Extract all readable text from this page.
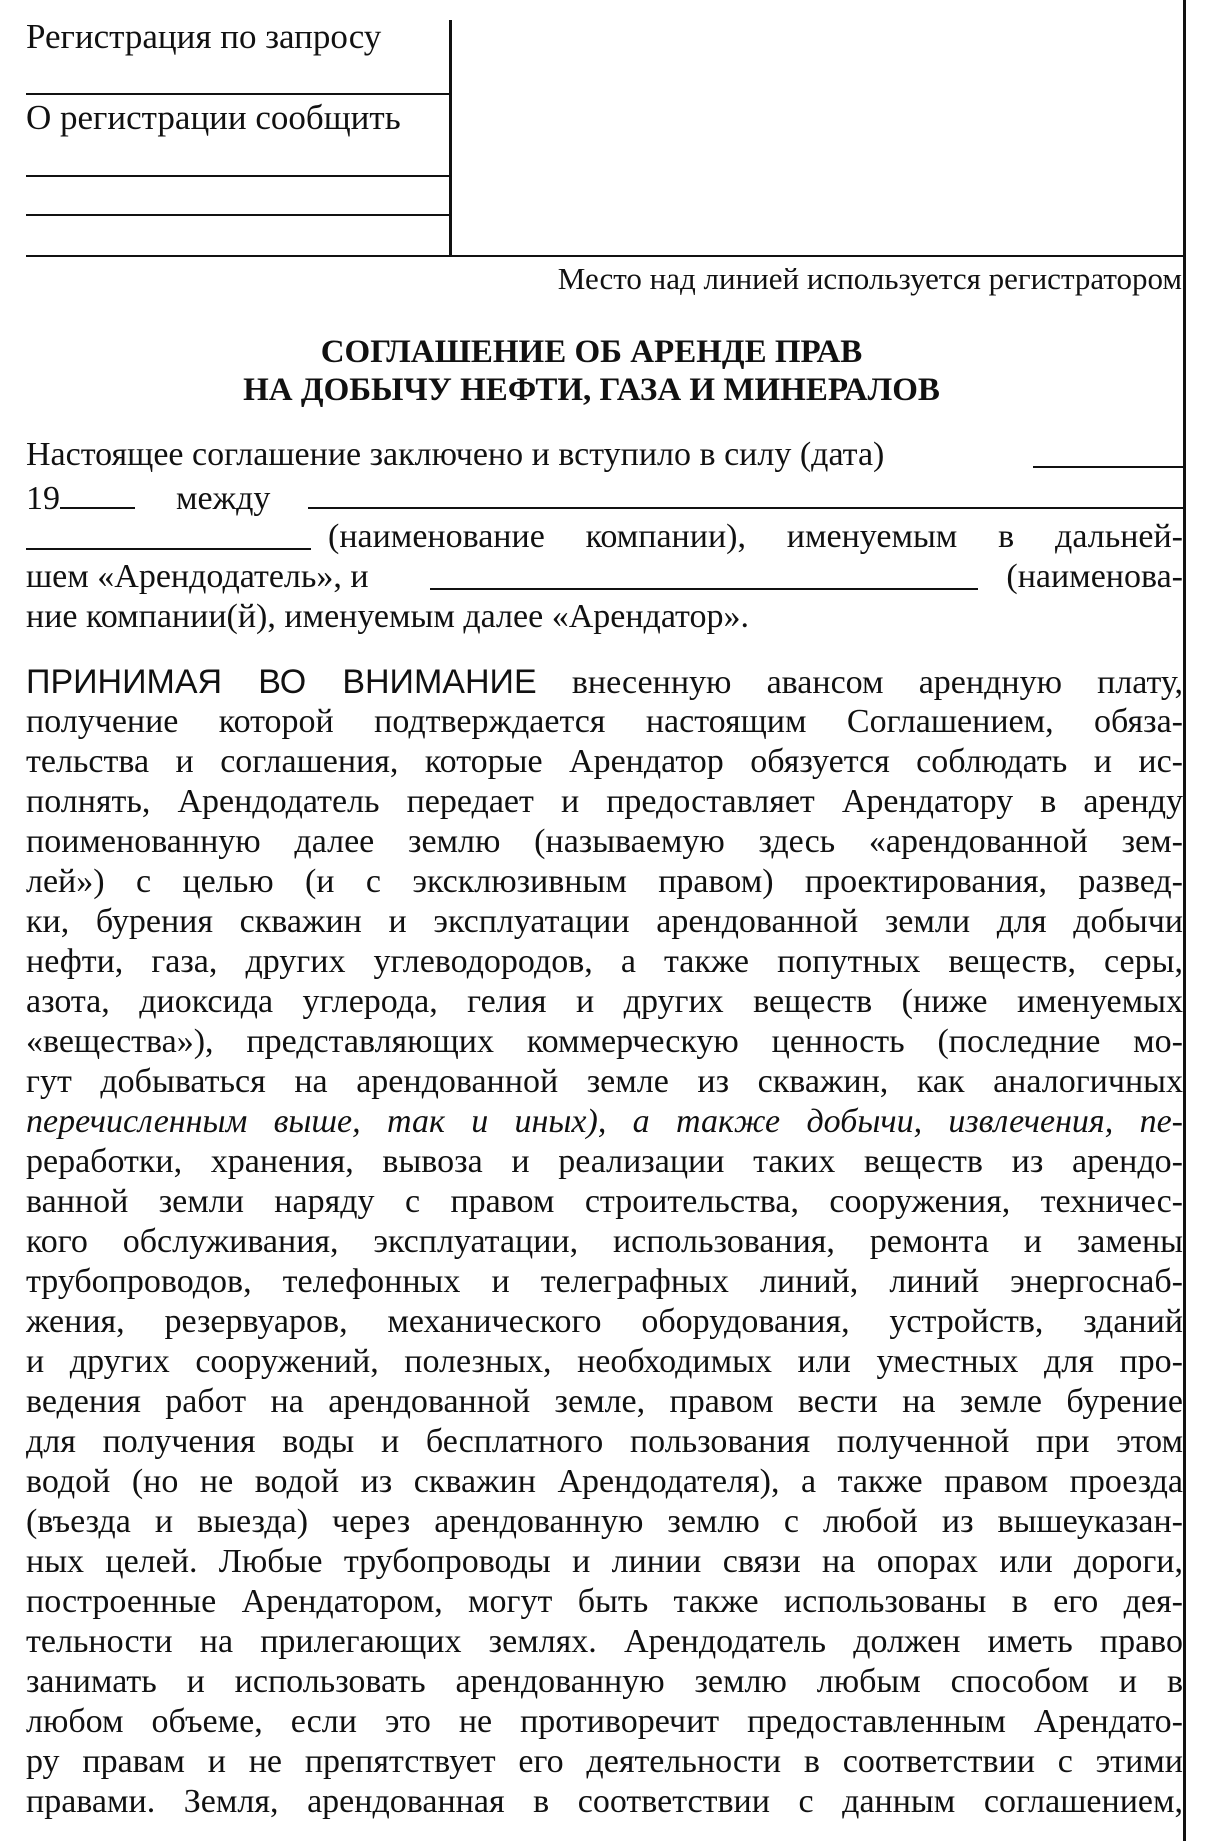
Регистрация по запросу
О регистрации сообщить
Место над линией используется регистратором
СОГЛАШЕНИЕ ОБ АРЕНДЕ ПРАВ
НА ДОБЫЧУ НЕФТИ, ГАЗА И МИНЕРАЛОВ
Настоящее соглашение заключено и вступило в силу (дата)
19	между
(наименование компании), именуемым в дальней-
шем «Арендодатель», и	(наименова-
ние компании(й), именуемым далее «Арендатор».
ПРИНИМАЯ ВО ВНИМАНИЕ внесенную авансом арендную плату,
получение которой подтверждается настоящим Соглашением, обяза-
тельства и соглашения, которые Арендатор обязуется соблюдать и ис-
полнять, Арендодатель передает и предоставляет Арендатору в аренду
поименованную далее землю (называемую здесь «арендованной зем-
лей») с целью (и с эксклюзивным правом) проектирования, развед-
ки, бурения скважин и эксплуатации арендованной земли для добычи
нефти, газа, других углеводородов, а также попутных веществ, серы,
азота, диоксида углерода, гелия и других веществ (ниже именуемых
«вещества»), представляющих коммерческую ценность (последние мо-
гут добываться на арендованной земле из скважин, как аналогичных
перечисленным выше, так и иных), а также добычи, извлечения, пе-
реработки, хранения, вывоза и реализации таких веществ из арендо-
ванной земли наряду с правом строительства, сооружения, техничес-
кого обслуживания, эксплуатации, использования, ремонта и замены
трубопроводов, телефонных и телеграфных линий, линий энергоснаб-
жения, резервуаров, механического оборудования, устройств, зданий
и других сооружений, полезных, необходимых или уместных для про-
ведения работ на арендованной земле, правом вести на земле бурение
для получения воды и бесплатного пользования полученной при этом
водой (но не водой из скважин Арендодателя), а также правом проезда
(въезда и выезда) через арендованную землю с любой из вышеуказан-
ных целей. Любые трубопроводы и линии связи на опорах или дороги,
построенные Арендатором, могут быть также использованы в его дея-
тельности на прилегающих землях. Арендодатель должен иметь право
занимать и использовать арендованную землю любым способом и в
любом объеме, если это не противоречит предоставленным Арендато-
ру правам и не препятствует его деятельности в соответствии с этими
правами. Земля, арендованная в соответствии с данным соглашением,
